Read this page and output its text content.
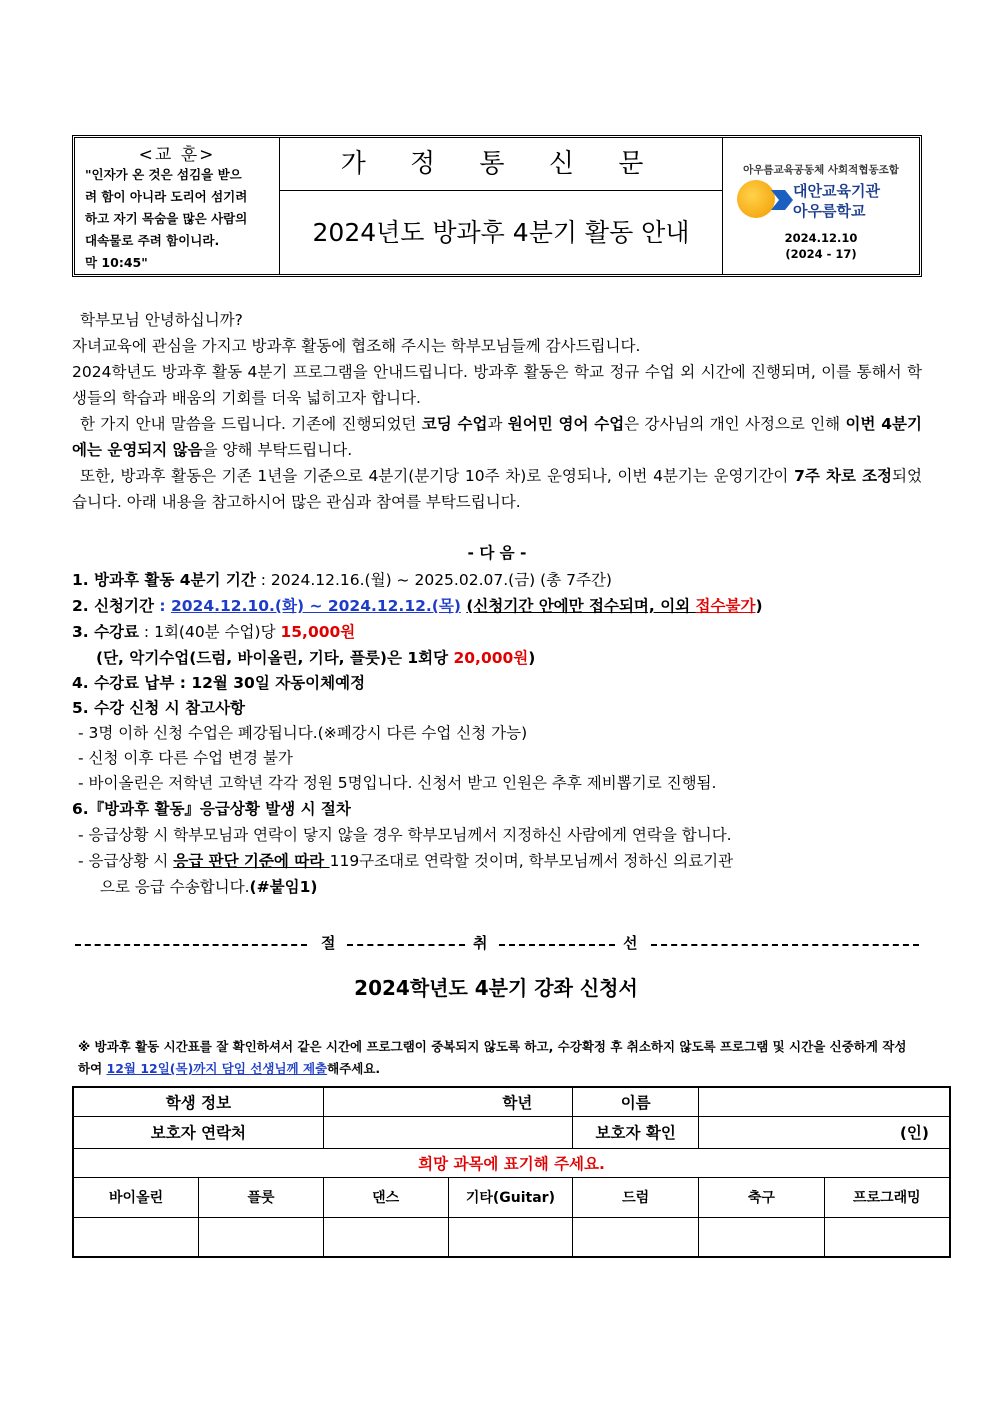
<교 훈>
"인자가 온 것은 섬김을 받으
려 함이 아니라 도리어 섬기려
하고 자기 목숨을 많은 사람의
대속물로 주려 함이니라.
막 10:45"
가 정 통 신 문
2024년도 방과후 4분기 활동 안내
아우름교육공동체 사회적협동조합
대안교육기관
아우름학교
2024.12.10
(2024 - 17)
학부모님 안녕하십니까?
자녀교육에 관심을 가지고 방과후 활동에 협조해 주시는 학부모님들께 감사드립니다.
2024학년도 방과후 활동 4분기 프로그램을 안내드립니다. 방과후 활동은 학교 정규 수업 외 시간에 진행되며, 이를 통해서 학생들의 학습과 배움의 기회를 더욱 넓히고자 합니다.
한 가지 안내 말씀을 드립니다. 기존에 진행되었던 코딩 수업과 원어민 영어 수업은 강사님의 개인 사정으로 인해 이번 4분기에는 운영되지 않음을 양해 부탁드립니다.
또한, 방과후 활동은 기존 1년을 기준으로 4분기(분기당 10주 차)로 운영되나, 이번 4분기는 운영기간이 7주 차로 조정되었습니다. 아래 내용을 참고하시어 많은 관심과 참여를 부탁드립니다.
- 다 음 -
1. 방과후 활동 4분기 기간 : 2024.12.16.(월) ~ 2025.02.07.(금) (총 7주간)
2. 신청기간 : 2024.12.10.(화) ~ 2024.12.12.(목) (신청기간 안에만 접수되며, 이외 접수불가)
3. 수강료 : 1회(40분 수업)당 15,000원
(단, 악기수업(드럼, 바이올린, 기타, 플룻)은 1회당 20,000원)
4. 수강료 납부 : 12월 30일 자동이체예정
5. 수강 신청 시 참고사항
- 3명 이하 신청 수업은 폐강됩니다.(※폐강시 다른 수업 신청 가능)
- 신청 이후 다른 수업 변경 불가
- 바이올린은 저학년 고학년 각각 정원 5명입니다. 신청서 받고 인원은 추후 제비뽑기로 진행됨.
6.『방과후 활동』응급상황 발생 시 절차
- 응급상황 시 학부모님과 연락이 닿지 않을 경우 학부모님께서 지정하신 사람에게 연락을 합니다.
- 응급상황 시 응급 판단 기준에 따라 119구조대로 연락할 것이며, 학부모님께서 정하신 의료기관
으로 응급 수송합니다.(#붙임1)
절	취	선
2024학년도 4분기 강좌 신청서
※ 방과후 활동 시간표를 잘 확인하셔서 같은 시간에 프로그램이 중복되지 않도록 하고, 수강확정 후 취소하지 않도록 프로그램 및 시간을 신중하게 작성하여 12월 12일(목)까지 담임 선생님께 제출해주세요.
학생 정보		학년		이름		
보호자 연락처				보호자 확인	(인)	
희망 과목에 표기해 주세요.						
바이올린	플룻	댄스	기타(Guitar)	드럼	축구	프로그래밍
